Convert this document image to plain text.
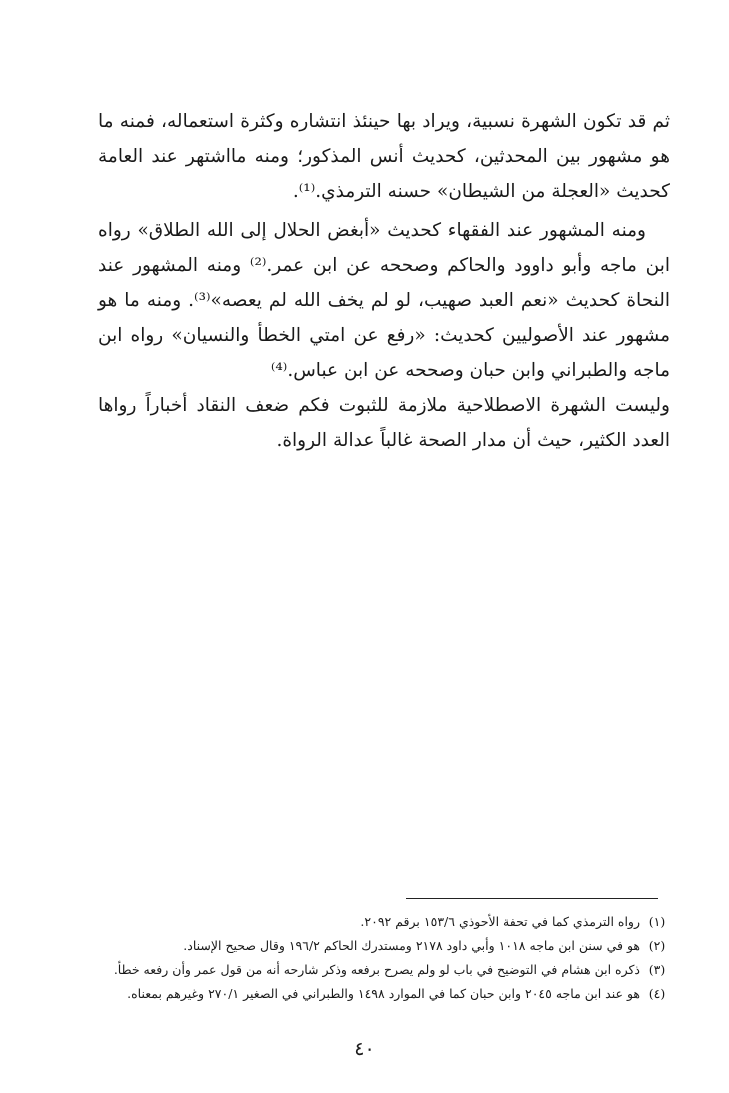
ثم قد تكون الشهرة نسبية، ويراد بها حينئذ انتشاره وكثرة استعماله، فمنه ما هو مشهور بين المحدثين، كحديث أنس المذكور؛ ومنه مااشتهر عند العامة كحديث «العجلة من الشيطان» حسنه الترمذي.⁽¹⁾.

ومنه المشهور عند الفقهاء كحديث «أبغض الحلال إلى الله الطلاق» رواه ابن ماجه وأبو داوود والحاكم وصححه عن ابن عمر.⁽²⁾ ومنه المشهور عند النحاة كحديث «نعم العبد صهيب، لو لم يخف الله لم يعصه»⁽³⁾. ومنه ما هو مشهور عند الأصوليين كحديث: «رفع عن امتي الخطأ والنسيان» رواه ابن ماجه والطبراني وابن حبان وصححه عن ابن عباس.⁽⁴⁾

وليست الشهرة الاصطلاحية ملازمة للثبوت فكم ضعف النقاد أخباراً رواها العدد الكثير، حيث أن مدار الصحة غالباً عدالة الرواة.

(١)
رواه الترمذي كما في تحفة الأحوذي ١٥٣/٦ برقم ٢٠٩٢.
(٢)
هو في سنن ابن ماجه ١٠١٨ وأبي داود ٢١٧٨ ومستدرك الحاكم ١٩٦/٢ وقال صحيح الإسناد.
(٣)
ذكره ابن هشام في التوضيح في باب لو ولم يصرح برفعه وذكر شارحه أنه من قول عمر وأن رفعه خطأ.
(٤)
هو عند ابن ماجه ٢٠٤٥ وابن حبان كما في الموارد ١٤٩٨ والطبراني في الصغير ٢٧٠/١ وغيرهم بمعناه.
٤٠
